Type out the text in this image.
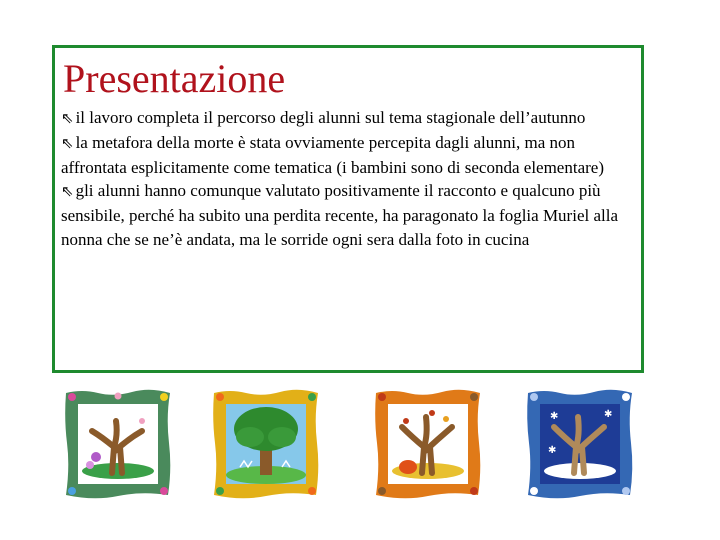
Presentazione

⇖ il lavoro completa il percorso degli alunni sul tema stagionale dell’autunno

⇖ la metafora della morte è stata ovviamente percepita dagli alunni, ma non affrontata esplicitamente come tematica (i bambini sono di seconda elementare)

⇖ gli alunni hanno comunque valutato positivamente il racconto e qualcuno più sensibile, perché ha subito una perdita recente, ha paragonato la foglia Muriel alla nonna che se ne’è andata, ma le sorride ogni sera dalla foto in cucina

✱	✱
✱
